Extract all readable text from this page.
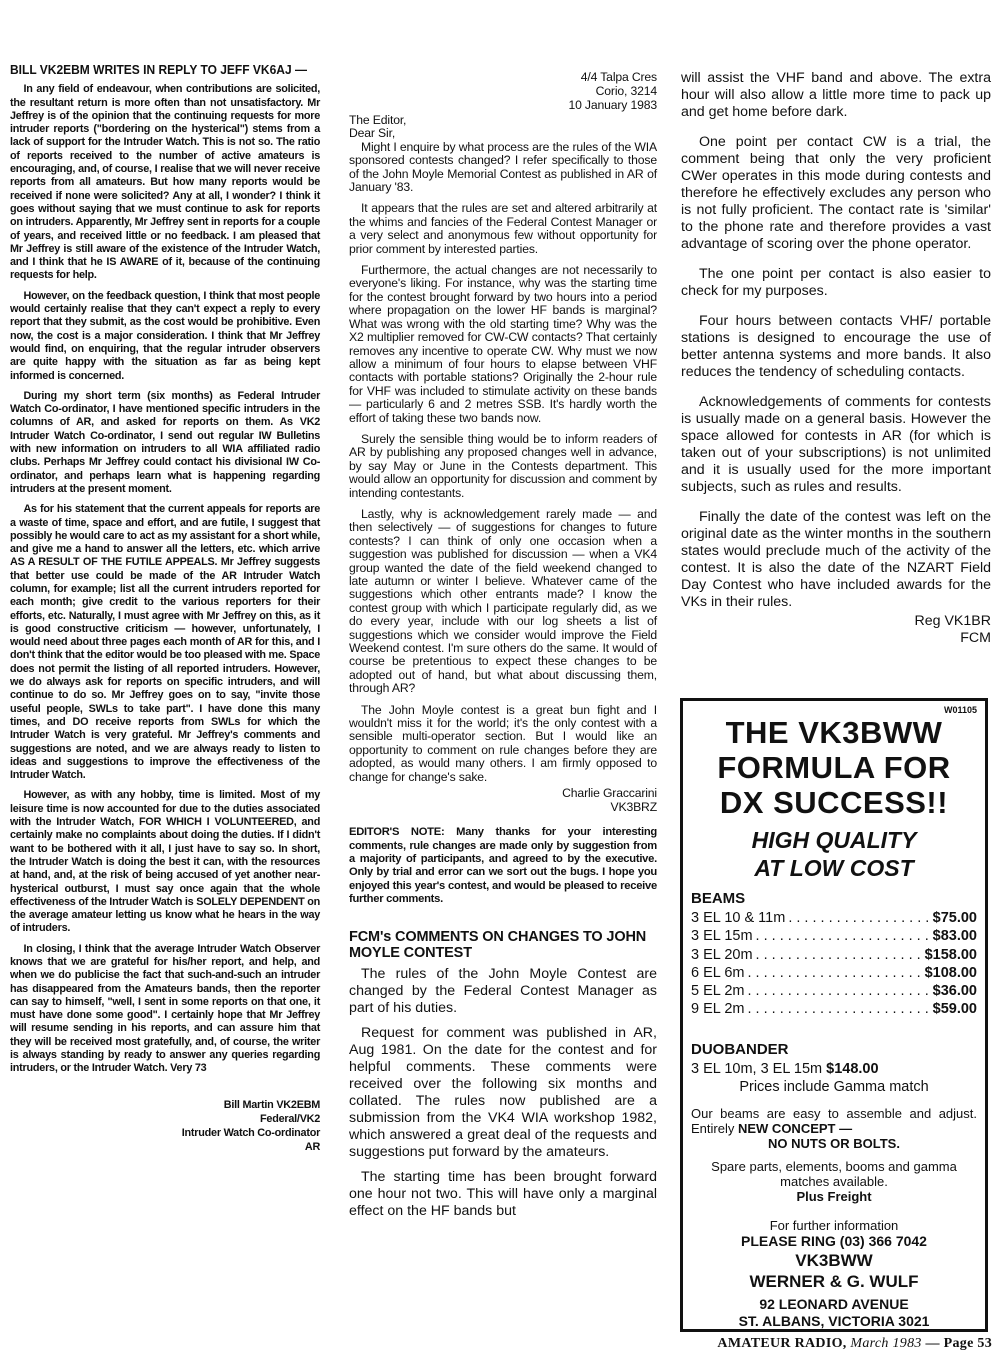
BILL VK2EBM WRITES IN REPLY TO JEFF VK6AJ —

In any field of endeavour, when contributions are solicited, the resultant return is more often than not unsatisfactory. Mr Jeffrey is of the opinion that the continuing requests for more intruder reports ("bordering on the hysterical") stems from a lack of support for the Intruder Watch. This is not so. The ratio of reports received to the number of active amateurs is encouraging, and, of course, I realise that we will never receive reports from all amateurs. But how many reports would be received if none were solicited? Any at all, I wonder? I think it goes without saying that we must continue to ask for reports on intruders. Apparently, Mr Jeffrey sent in reports for a couple of years, and received little or no feedback. I am pleased that Mr Jeffrey is still aware of the existence of the Intruder Watch, and I think that he IS AWARE of it, because of the continuing requests for help.

However, on the feedback question, I think that most people would certainly realise that they can't expect a reply to every report that they submit, as the cost would be prohibitive. Even now, the cost is a major consideration. I think that Mr Jeffrey would find, on enquiring, that the regular intruder observers are quite happy with the situation as far as being kept informed is concerned.

During my short term (six months) as Federal Intruder Watch Co-ordinator, I have mentioned specific intruders in the columns of AR, and asked for reports on them. As VK2 Intruder Watch Co-ordinator, I send out regular IW Bulletins with new information on intruders to all WIA affiliated radio clubs. Perhaps Mr Jeffrey could contact his divisional IW Co-ordinator, and perhaps learn what is happening regarding intruders at the present moment.

As for his statement that the current appeals for reports are a waste of time, space and effort, and are futile, I suggest that possibly he would care to act as my assistant for a short while, and give me a hand to answer all the letters, etc. which arrive AS A RESULT OF THE FUTILE APPEALS. Mr Jeffrey suggests that better use could be made of the AR Intruder Watch column, for example; list all the current intruders reported for each month; give credit to the various reporters for their efforts, etc. Naturally, I must agree with Mr Jeffrey on this, as it is good constructive criticism — however, unfortunately, I would need about three pages each month of AR for this, and I don't think that the editor would be too pleased with me. Space does not permit the listing of all reported intruders. However, we do always ask for reports on specific intruders, and will continue to do so. Mr Jeffrey goes on to say, "invite those useful people, SWLs to take part". I have done this many times, and DO receive reports from SWLs for which the Intruder Watch is very grateful. Mr Jeffrey's comments and suggestions are noted, and we are always ready to listen to ideas and suggestions to improve the effectiveness of the Intruder Watch.

However, as with any hobby, time is limited. Most of my leisure time is now accounted for due to the duties associated with the Intruder Watch, FOR WHICH I VOLUNTEERED, and certainly make no complaints about doing the duties. If I didn't want to be bothered with it all, I just have to say so. In short, the Intruder Watch is doing the best it can, with the resources at hand, and, at the risk of being accused of yet another near-hysterical outburst, I must say once again that the whole effectiveness of the Intruder Watch is SOLELY DEPENDENT on the average amateur letting us know what he hears in the way of intruders.

In closing, I think that the average Intruder Watch Observer knows that we are grateful for his/her report, and help, and when we do publicise the fact that such-and-such an intruder has disappeared from the Amateurs bands, then the reporter can say to himself, "well, I sent in some reports on that one, it must have done some good". I certainly hope that Mr Jeffrey will resume sending in his reports, and can assure him that they will be received most gratefully, and, of course, the writer is always standing by ready to answer any queries regarding intruders, or the Intruder Watch. Very 73

Bill Martin VK2EBM
Federal/VK2
Intruder Watch Co-ordinator
AR
4/4 Talpa Cres
Corio, 3214
10 January 1983

The Editor,

Dear Sir,

Might I enquire by what process are the rules of the WIA sponsored contests changed? I refer specifically to those of the John Moyle Memorial Contest as published in AR of January '83.

It appears that the rules are set and altered arbitrarily at the whims and fancies of the Federal Contest Manager or a very select and anonymous few without opportunity for prior comment by interested parties.

Furthermore, the actual changes are not necessarily to everyone's liking. For instance, why was the starting time for the contest brought forward by two hours into a period where propagation on the lower HF bands is marginal? What was wrong with the old starting time? Why was the X2 multiplier removed for CW-CW contacts? That certainly removes any incentive to operate CW. Why must we now allow a minimum of four hours to elapse between VHF contacts with portable stations? Originally the 2-hour rule for VHF was included to stimulate activity on these bands — particularly 6 and 2 metres SSB. It's hardly worth the effort of taking these two bands now.

Surely the sensible thing would be to inform readers of AR by publishing any proposed changes well in advance, by say May or June in the Contests department. This would allow an opportunity for discussion and comment by intending contestants.

Lastly, why is acknowledgement rarely made — and then selectively — of suggestions for changes to future contests? I can think of only one occasion when a suggestion was published for discussion — when a VK4 group wanted the date of the field weekend changed to late autumn or winter I believe. Whatever came of the suggestions which other entrants made? I know the contest group with which I participate regularly did, as we do every year, include with our log sheets a list of suggestions which we consider would improve the Field Weekend contest. I'm sure others do the same. It would of course be pretentious to expect these changes to be adopted out of hand, but what about discussing them, through AR?

The John Moyle contest is a great bun fight and I wouldn't miss it for the world; it's the only contest with a sensible multi-operator section. But I would like an opportunity to comment on rule changes before they are adopted, as would many others. I am firmly opposed to change for change's sake.

Charlie Graccarini
VK3BRZ

EDITOR'S NOTE: Many thanks for your interesting comments, rule changes are made only by suggestion from a majority of participants, and agreed to by the executive. Only by trial and error can we sort out the bugs. I hope you enjoyed this year's contest, and would be pleased to receive further comments.

FCM's COMMENTS ON CHANGES TO JOHN MOYLE CONTEST

The rules of the John Moyle Contest are changed by the Federal Contest Manager as part of his duties.

Request for comment was published in AR, Aug 1981. On the date for the contest and for helpful comments. These comments were received over the following six months and collated. The rules now published are a submission from the VK4 WIA workshop 1982, which answered a great deal of the requests and suggestions put forward by the amateurs.

The starting time has been brought forward one hour not two. This will have only a marginal effect on the HF bands but

will assist the VHF band and above. The extra hour will also allow a little more time to pack up and get home before dark.

One point per contact CW is a trial, the comment being that only the very proficient CWer operates in this mode during contests and therefore he effectively excludes any person who is not fully proficient. The contact rate is 'similar' to the phone rate and therefore provides a vast advantage of scoring over the phone operator.

The one point per contact is also easier to check for my purposes.

Four hours between contacts VHF/ portable stations is designed to encourage the use of better antenna systems and more bands. It also reduces the tendency of scheduling contacts.

Acknowledgements of comments for contests is usually made on a general basis. However the space allowed for contests in AR (for which is taken out of your subscriptions) is not unlimited and it is usually used for the more important subjects, such as rules and results.

Finally the date of the contest was left on the original date as the winter months in the southern states would preclude much of the activity of the contest. It is also the date of the NZART Field Day Contest who have included awards for the VKs in their rules.

Reg VK1BR
FCM
W01105
THE VK3BWW
FORMULA FOR
DX SUCCESS!!
HIGH QUALITY
AT LOW COST
BEAMS
3 EL 10 & 11m . . .	$75.00
3 EL 15m . . .	$83.00
3 EL 20m . . .	$158.00
6 EL 6m . . .	$108.00
5 EL 2m . . .	$36.00
9 EL 2m . . .	$59.00
DUOBANDER
3 EL 10m, 3 EL 15m $148.00
Prices include Gamma match
Our beams are easy to assemble and adjust. Entirely NEW CONCEPT —
NO NUTS OR BOLTS.
Spare parts, elements, booms and gamma matches available.
Plus Freight
For further information
PLEASE RING (03) 366 7042
VK3BWW
WERNER & G. WULF
92 LEONARD AVENUE
ST. ALBANS, VICTORIA 3021
AMATEUR RADIO, March 1983 — Page 53
